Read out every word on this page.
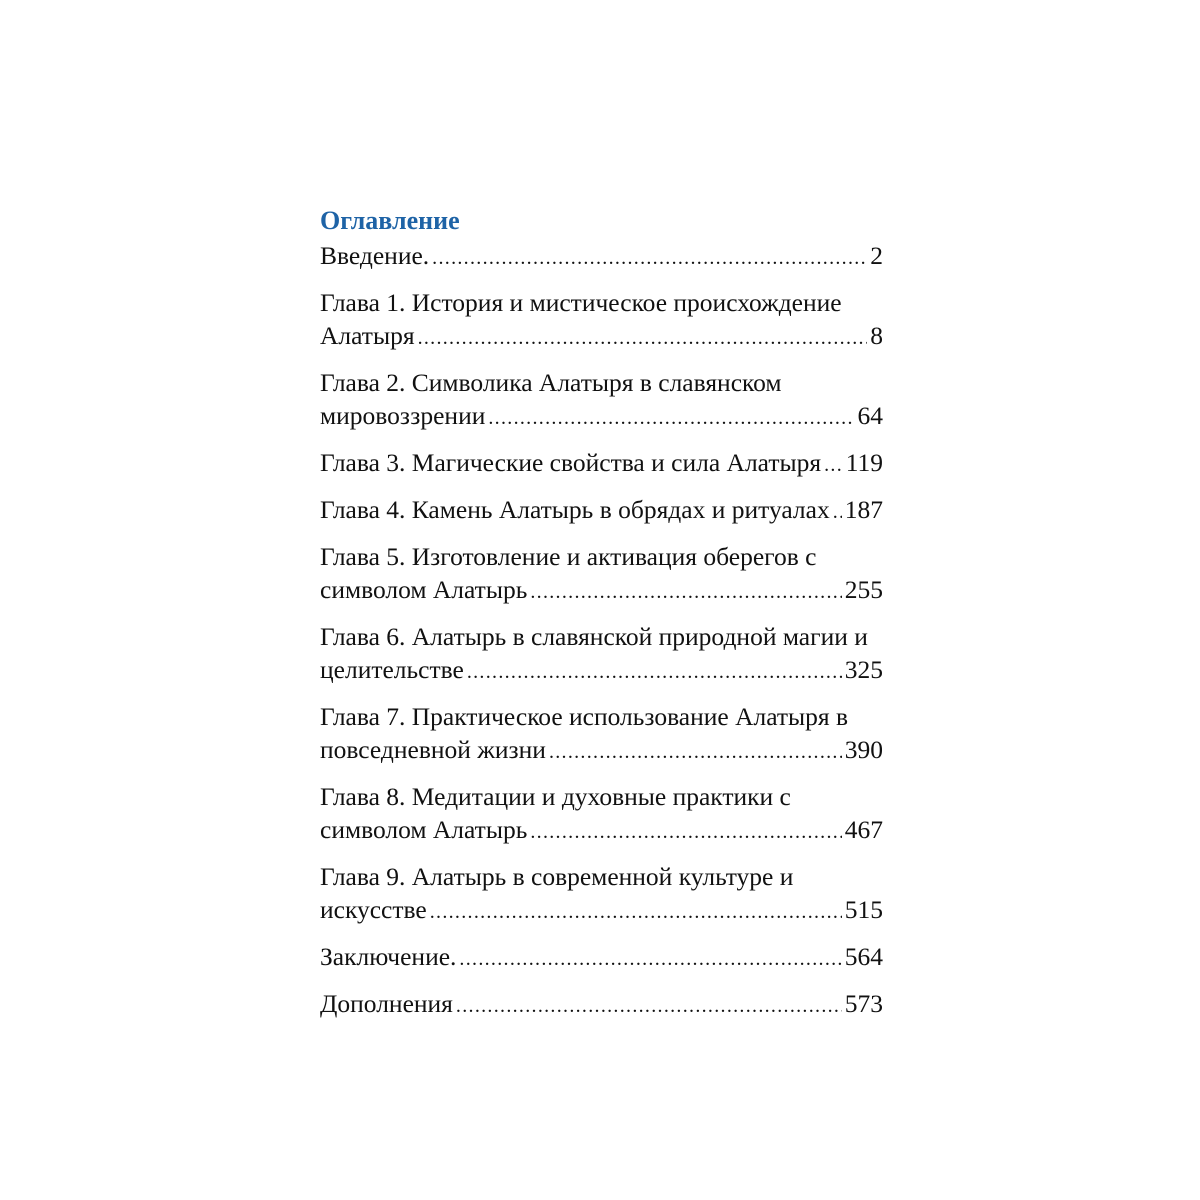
Оглавление
Введение. .....	2
Глава 1. История и мистическое происхождение
Алатыря .....	8
Глава 2. Символика Алатыря в славянском
мировоззрении .....	64
Глава 3. Магические свойства и сила Алатыря ..... 119
Глава 4. Камень Алатырь в обрядах и ритуалах ..... 187
Глава 5. Изготовление и активация оберегов с
символом Алатырь .....	255
Глава 6. Алатырь в славянской природной магии и
целительстве .....	325
Глава 7. Практическое использование Алатыря в
повседневной жизни .....	390
Глава 8. Медитации и духовные практики с
символом Алатырь .....	467
Глава 9. Алатырь в современной культуре и
искусстве .....	515
Заключение. .....	564
Дополнения .....	573
